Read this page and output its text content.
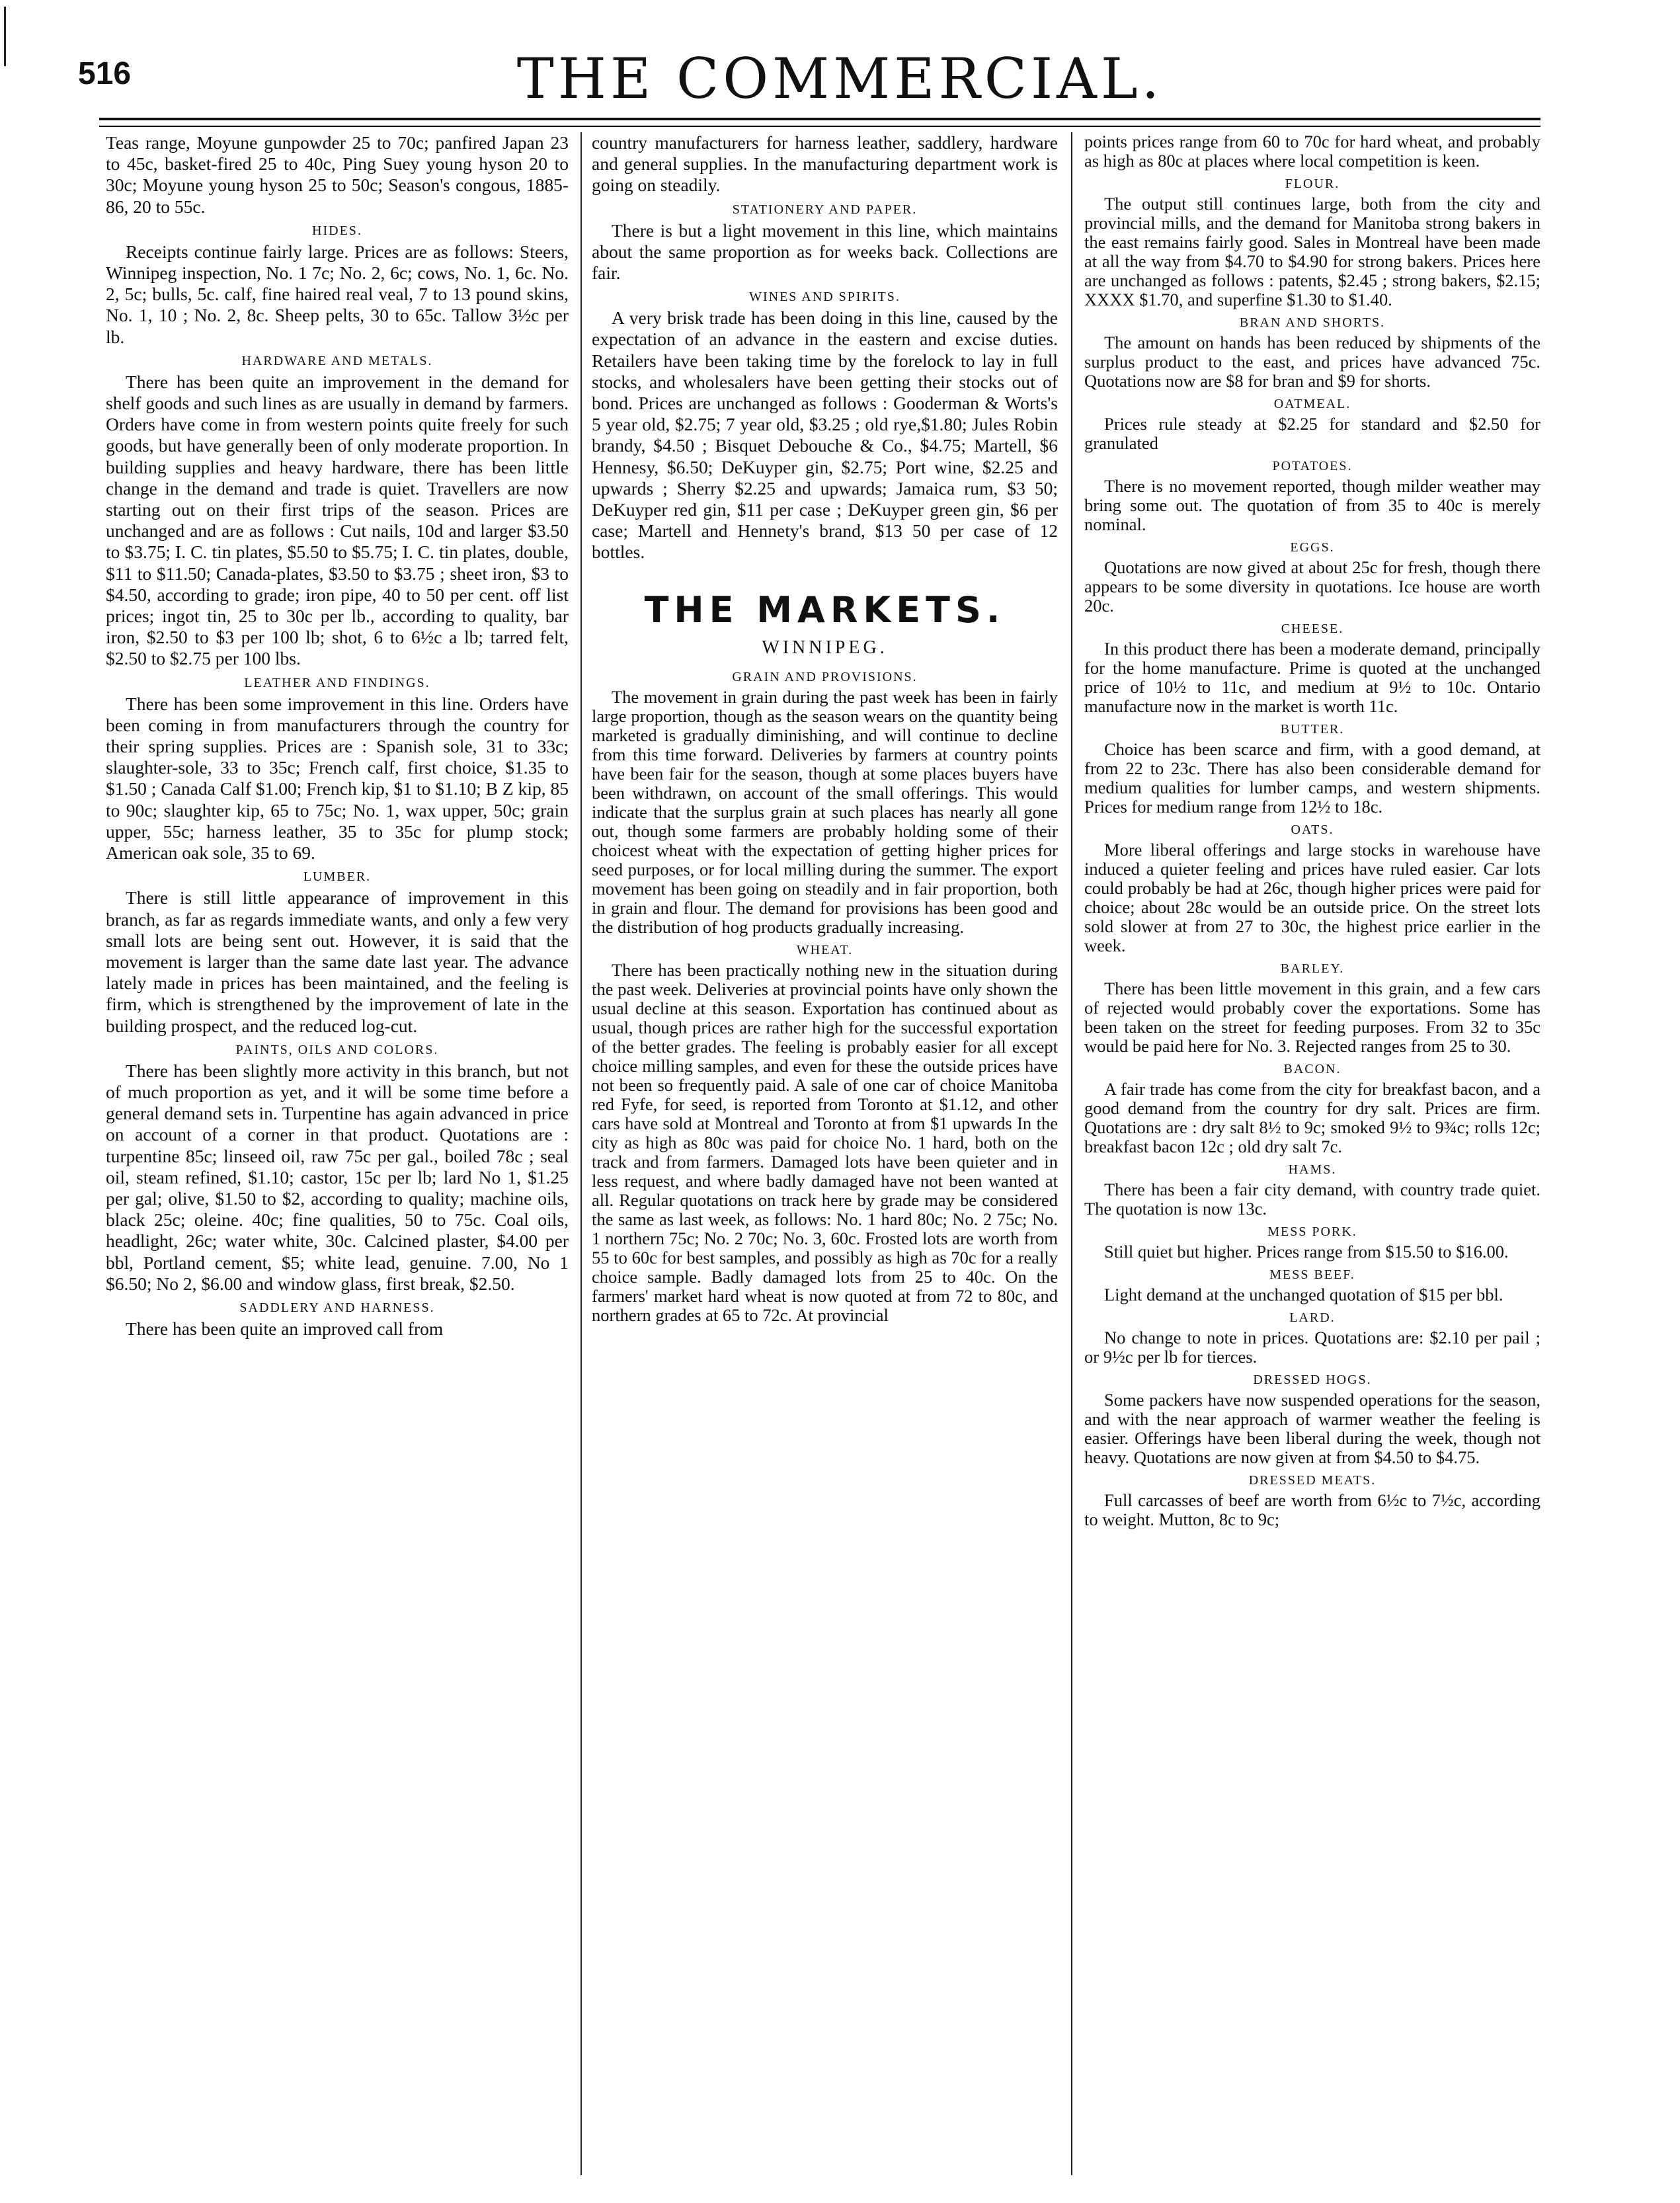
516	THE COMMERCIAL.

Teas range, Moyune gunpowder 25 to 70c; panfired Japan 23 to 45c, basket-fired 25 to 40c, Ping Suey young hyson 20 to 30c; Moyune young hyson 25 to 50c; Season's congous, 1885-86, 20 to 55c.

HIDES.

Receipts continue fairly large. Prices are as follows: Steers, Winnipeg inspection, No. 1 7c; No. 2, 6c; cows, No. 1, 6c. No. 2, 5c; bulls, 5c. calf, fine haired real veal, 7 to 13 pound skins, No. 1, 10 ; No. 2, 8c. Sheep pelts, 30 to 65c. Tallow 3½c per lb.

HARDWARE AND METALS.

There has been quite an improvement in the demand for shelf goods and such lines as are usually in demand by farmers. Orders have come in from western points quite freely for such goods, but have generally been of only moderate proportion. In building supplies and heavy hardware, there has been little change in the demand and trade is quiet. Travellers are now starting out on their first trips of the season. Prices are unchanged and are as follows : Cut nails, 10d and larger $3.50 to $3.75; I. C. tin plates, $5.50 to $5.75; I. C. tin plates, double, $11 to $11.50; Canada-plates, $3.50 to $3.75 ; sheet iron, $3 to $4.50, according to grade; iron pipe, 40 to 50 per cent. off list prices; ingot tin, 25 to 30c per lb., according to quality, bar iron, $2.50 to $3 per 100 lb; shot, 6 to 6½c a lb; tarred felt, $2.50 to $2.75 per 100 lbs.

LEATHER AND FINDINGS.

There has been some improvement in this line. Orders have been coming in from manufacturers through the country for their spring supplies. Prices are : Spanish sole, 31 to 33c; slaughter-sole, 33 to 35c; French calf, first choice, $1.35 to $1.50 ; Canada Calf $1.00; French kip, $1 to $1.10; B Z kip, 85 to 90c; slaughter kip, 65 to 75c; No. 1, wax upper, 50c; grain upper, 55c; harness leather, 35 to 35c for plump stock; American oak sole, 35 to 69.

LUMBER.

There is still little appearance of improvement in this branch, as far as regards immediate wants, and only a few very small lots are being sent out. However, it is said that the movement is larger than the same date last year. The advance lately made in prices has been maintained, and the feeling is firm, which is strengthened by the improvement of late in the building prospect, and the reduced log-cut.

PAINTS, OILS AND COLORS.

There has been slightly more activity in this branch, but not of much proportion as yet, and it will be some time before a general demand sets in. Turpentine has again advanced in price on account of a corner in that product. Quotations are : turpentine 85c; linseed oil, raw 75c per gal., boiled 78c ; seal oil, steam refined, $1.10; castor, 15c per lb; lard No 1, $1.25 per gal; olive, $1.50 to $2, according to quality; machine oils, black 25c; oleine. 40c; fine qualities, 50 to 75c. Coal oils, headlight, 26c; water white, 30c. Calcined plaster, $4.00 per bbl, Portland cement, $5; white lead, genuine. 7.00, No 1 $6.50; No 2, $6.00 and window glass, first break, $2.50.

SADDLERY AND HARNESS.

There has been quite an improved call from

country manufacturers for harness leather, saddlery, hardware and general supplies. In the manufacturing department work is going on steadily.

STATIONERY AND PAPER.

There is but a light movement in this line, which maintains about the same proportion as for weeks back. Collections are fair.

WINES AND SPIRITS.

A very brisk trade has been doing in this line, caused by the expectation of an advance in the eastern and excise duties. Retailers have been taking time by the forelock to lay in full stocks, and wholesalers have been getting their stocks out of bond. Prices are unchanged as follows : Gooderman & Worts's 5 year old, $2.75; 7 year old, $3.25 ; old rye,$1.80; Jules Robin brandy, $4.50 ; Bisquet Debouche & Co., $4.75; Martell, $6 Hennesy, $6.50; DeKuyper gin, $2.75; Port wine, $2.25 and upwards ; Sherry $2.25 and upwards; Jamaica rum, $3 50; DeKuyper red gin, $11 per case ; DeKuyper green gin, $6 per case; Martell and Hennety's brand, $13 50 per case of 12 bottles.

THE MARKETS.
WINNIPEG.
GRAIN AND PROVISIONS.

The movement in grain during the past week has been in fairly large proportion, though as the season wears on the quantity being marketed is gradually diminishing, and will continue to decline from this time forward. Deliveries by farmers at country points have been fair for the season, though at some places buyers have been withdrawn, on account of the small offerings. This would indicate that the surplus grain at such places has nearly all gone out, though some farmers are probably holding some of their choicest wheat with the expectation of getting higher prices for seed purposes, or for local milling during the summer. The export movement has been going on steadily and in fair proportion, both in grain and flour. The demand for provisions has been good and the distribution of hog products gradually increasing.

WHEAT.

There has been practically nothing new in the situation during the past week. Deliveries at provincial points have only shown the usual decline at this season. Exportation has continued about as usual, though prices are rather high for the successful exportation of the better grades. The feeling is probably easier for all except choice milling samples, and even for these the outside prices have not been so frequently paid. A sale of one car of choice Manitoba red Fyfe, for seed, is reported from Toronto at $1.12, and other cars have sold at Montreal and Toronto at from $1 upwards In the city as high as 80c was paid for choice No. 1 hard, both on the track and from farmers. Damaged lots have been quieter and in less request, and where badly damaged have not been wanted at all. Regular quotations on track here by grade may be considered the same as last week, as follows: No. 1 hard 80c; No. 2 75c; No. 1 northern 75c; No. 2 70c; No. 3, 60c. Frosted lots are worth from 55 to 60c for best samples, and possibly as high as 70c for a really choice sample. Badly damaged lots from 25 to 40c. On the farmers' market hard wheat is now quoted at from 72 to 80c, and northern grades at 65 to 72c. At provincial

points prices range from 60 to 70c for hard wheat, and probably as high as 80c at places where local competition is keen.

FLOUR.

The output still continues large, both from the city and provincial mills, and the demand for Manitoba strong bakers in the east remains fairly good. Sales in Montreal have been made at all the way from $4.70 to $4.90 for strong bakers. Prices here are unchanged as follows : patents, $2.45 ; strong bakers, $2.15; XXXX $1.70, and superfine $1.30 to $1.40.

BRAN AND SHORTS.

The amount on hands has been reduced by shipments of the surplus product to the east, and prices have advanced 75c. Quotations now are $8 for bran and $9 for shorts.

OATMEAL.

Prices rule steady at $2.25 for standard and $2.50 for granulated

POTATOES.

There is no movement reported, though milder weather may bring some out. The quotation of from 35 to 40c is merely nominal.

EGGS.

Quotations are now gived at about 25c for fresh, though there appears to be some diversity in quotations. Ice house are worth 20c.

CHEESE.

In this product there has been a moderate demand, principally for the home manufacture. Prime is quoted at the unchanged price of 10½ to 11c, and medium at 9½ to 10c. Ontario manufacture now in the market is worth 11c.

BUTTER.

Choice has been scarce and firm, with a good demand, at from 22 to 23c. There has also been considerable demand for medium qualities for lumber camps, and western shipments. Prices for medium range from 12½ to 18c.

OATS.

More liberal offerings and large stocks in warehouse have induced a quieter feeling and prices have ruled easier. Car lots could probably be had at 26c, though higher prices were paid for choice; about 28c would be an outside price. On the street lots sold slower at from 27 to 30c, the highest price earlier in the week.

BARLEY.

There has been little movement in this grain, and a few cars of rejected would probably cover the exportations. Some has been taken on the street for feeding purposes. From 32 to 35c would be paid here for No. 3. Rejected ranges from 25 to 30.

BACON.

A fair trade has come from the city for breakfast bacon, and a good demand from the country for dry salt. Prices are firm. Quotations are : dry salt 8½ to 9c; smoked 9½ to 9¾c; rolls 12c; breakfast bacon 12c ; old dry salt 7c.

HAMS.

There has been a fair city demand, with country trade quiet. The quotation is now 13c.

MESS PORK.

Still quiet but higher. Prices range from $15.50 to $16.00.

MESS BEEF.

Light demand at the unchanged quotation of $15 per bbl.

LARD.

No change to note in prices. Quotations are: $2.10 per pail ; or 9½c per lb for tierces.

DRESSED HOGS.

Some packers have now suspended operations for the season, and with the near approach of warmer weather the feeling is easier. Offerings have been liberal during the week, though not heavy. Quotations are now given at from $4.50 to $4.75.

DRESSED MEATS.

Full carcasses of beef are worth from 6½c to 7½c, according to weight. Mutton, 8c to 9c;
